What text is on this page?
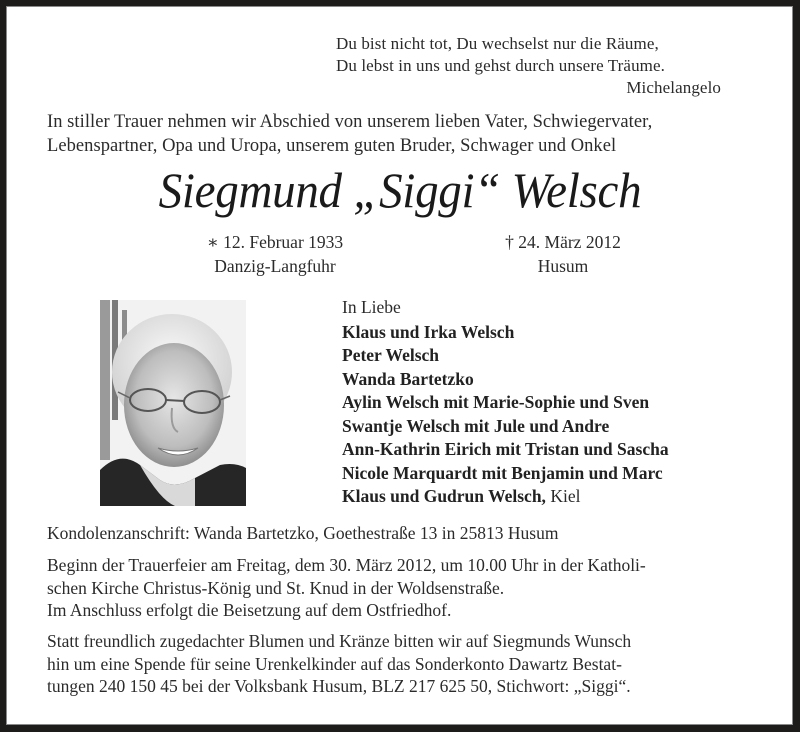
Du bist nicht tot, Du wechselst nur die Räume,
Du lebst in uns und gehst durch unsere Träume.
Michelangelo
In stiller Trauer nehmen wir Abschied von unserem lieben Vater, Schwiegervater,
Lebenspartner, Opa und Uropa, unserem guten Bruder, Schwager und Onkel
Siegmund „Siggi“ Welsch
∗ 12. Februar 1933
Danzig-Langfuhr
† 24. März 2012
Husum
In Liebe
Klaus und Irka Welsch
Peter Welsch
Wanda Bartetzko
Aylin Welsch mit Marie-Sophie und Sven
Swantje Welsch mit Jule und Andre
Ann-Kathrin Eirich mit Tristan und Sascha
Nicole Marquardt mit Benjamin und Marc
Klaus und Gudrun Welsch, Kiel
Kondolenzanschrift: Wanda Bartetzko, Goethestraße 13 in 25813 Husum
Beginn der Trauerfeier am Freitag, dem 30. März 2012, um 10.00 Uhr in der Katholi-
schen Kirche Christus-König und St. Knud in der Woldsenstraße.
Im Anschluss erfolgt die Beisetzung auf dem Ostfriedhof.
Statt freundlich zugedachter Blumen und Kränze bitten wir auf Siegmunds Wunsch
hin um eine Spende für seine Urenkelkinder auf das Sonderkonto Dawartz Bestat-
tungen 240 150 45 bei der Volksbank Husum, BLZ 217 625 50, Stichwort: „Siggi“.
